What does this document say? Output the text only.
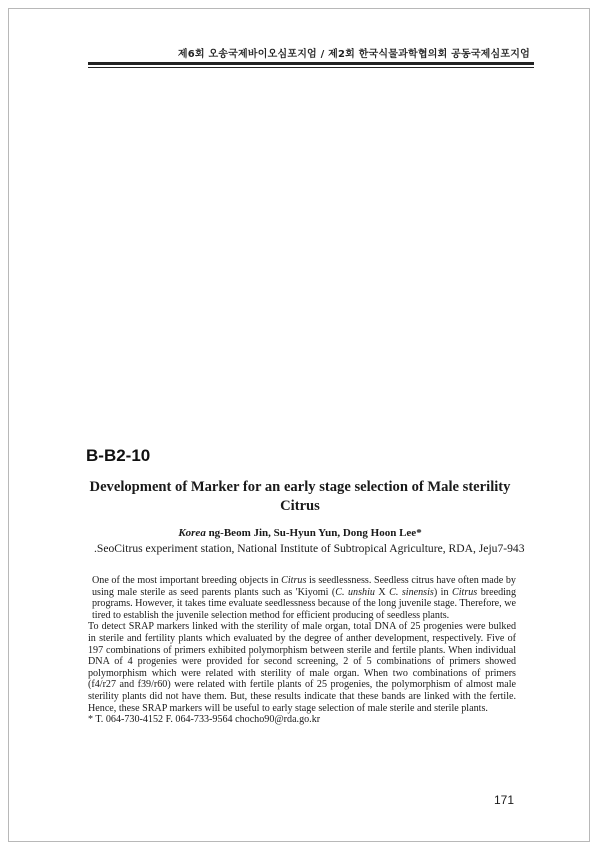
제6회 오송국제바이오심포지엄 / 제2회 한국식물과학협의회 공동국제심포지엄
B-B2-10
Development of Marker for an early stage selection of Male sterility
Citrus
Korea ng-Beom Jin, Su-Hyun Yun, Dong Hoon Lee*
.SeoCitrus experiment station, National Institute of Subtropical Agriculture, RDA, Jeju7-943

One of the most important breeding objects in Citrus is seedlessness. Seedless citrus have often made by using male sterile as seed parents plants such as 'Kiyomi (C. unshiu X C. sinensis) in Citrus breeding programs. However, it takes time evaluate seedlessness because of the long juvenile stage. Therefore, we tired to establish the juvenile selection method for efficient producing of seedless plants.

To detect SRAP markers linked with the sterility of male organ, total DNA of 25 progenies were bulked in sterile and fertility plants which evaluated by the degree of anther development, respectively. Five of 197 combinations of primers exhibited polymorphism between sterile and fertile plants. When individual DNA of 4 progenies were provided for second screening, 2 of 5 combinations of primers showed polymorphism which were related with sterility of male organ. When two combinations of primers (f4/r27 and f39/r60) were related with fertile plants of 25 progenies, the polymorphism of almost male sterility plants did not have them. But, these results indicate that these bands are linked with the fertile. Hence, these SRAP markers will be useful to early stage selection of male sterile and sterile plants.

* T. 064-730-4152 F. 064-733-9564 chocho90@rda.go.kr

171
